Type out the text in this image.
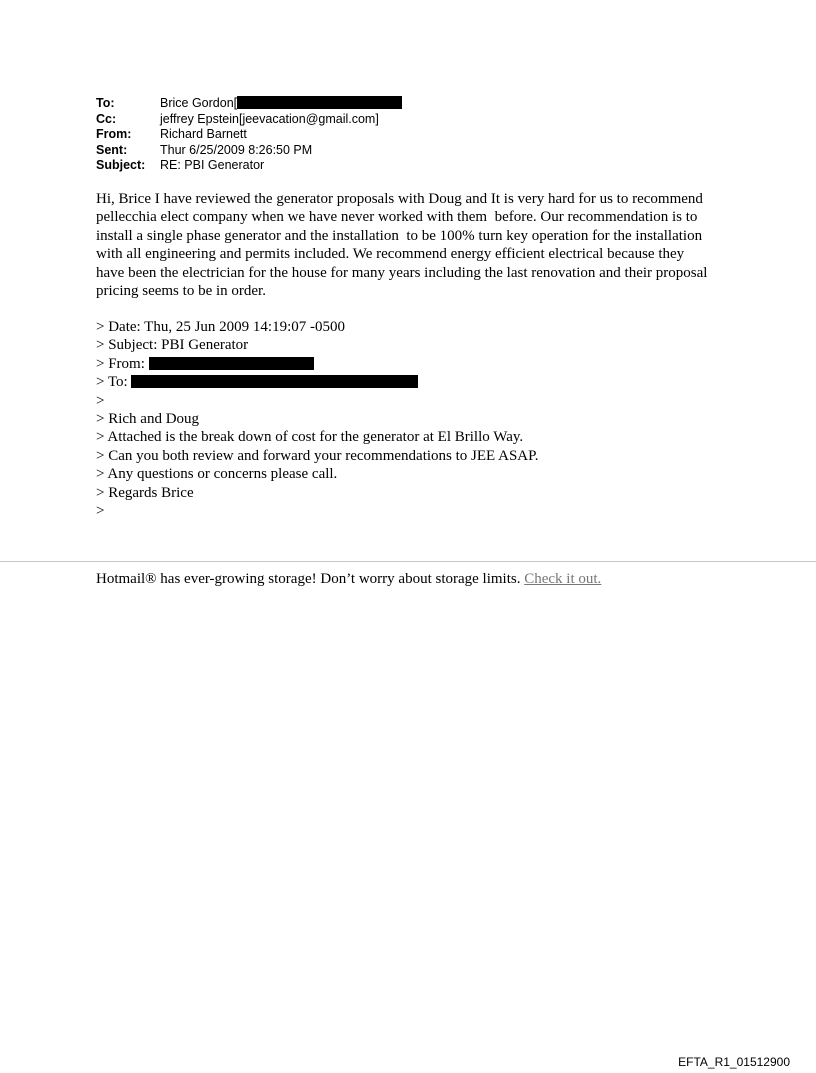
To:	Brice Gordon[
Cc:	jeffrey Epstein[jeevacation@gmail.com]
From:	Richard Barnett
Sent:	Thur 6/25/2009 8:26:50 PM
Subject:	RE: PBI Generator

Hi, Brice I have reviewed the generator proposals with Doug and It is very hard for us to recommend  pellecchia elect company when we have never worked with them  before. Our recommendation is to install a single phase generator and the installation  to be 100% turn key operation for the installation with all engineering and permits included. We recommend energy efficient electrical because they have been the electrician for the house for many years including the last renovation and their proposal  pricing seems to be in order.

> Date: Thu, 25 Jun 2009 14:19:07 -0500
> Subject: PBI Generator
> From:
> To:
>
> Rich and Doug
> Attached is the break down of cost for the generator at El Brillo Way.
> Can you both review and forward your recommendations to JEE ASAP.
> Any questions or concerns please call.
> Regards Brice
>
Hotmail® has ever-growing storage! Don’t worry about storage limits. Check it out.
EFTA_R1_01512900
